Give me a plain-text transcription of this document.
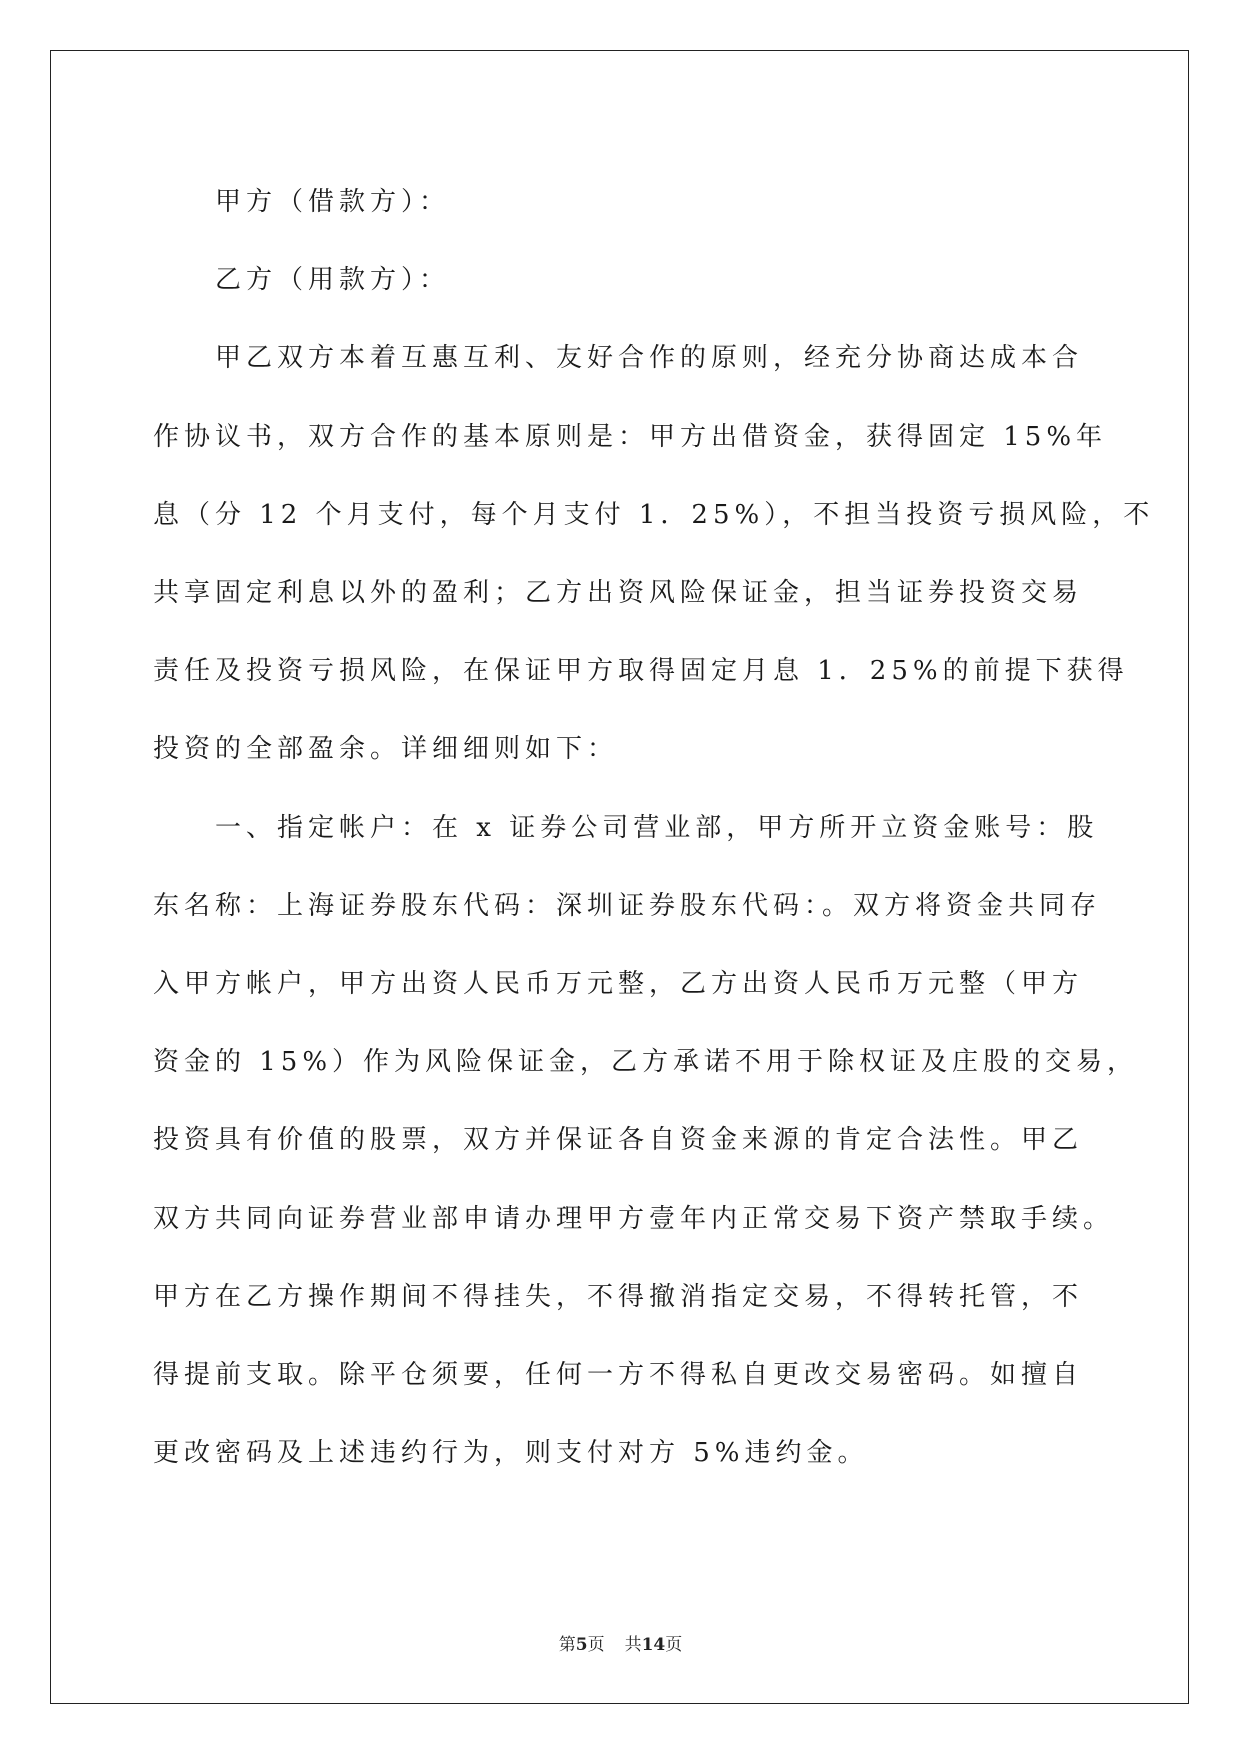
甲方（借款方）：

乙方（用款方）：

甲乙双方本着互惠互利、友好合作的原则，经充分协商达成本合
作协议书，双方合作的基本原则是：甲方出借资金，获得固定 15%年
息（分 12 个月支付，每个月支付 1．25%），不担当投资亏损风险，不
共享固定利息以外的盈利；乙方出资风险保证金，担当证券投资交易
责任及投资亏损风险，在保证甲方取得固定月息 1．25%的前提下获得
投资的全部盈余。详细细则如下：

一、指定帐户：在 x 证券公司营业部，甲方所开立资金账号：股
东名称：上海证券股东代码：深圳证券股东代码：。双方将资金共同存
入甲方帐户，甲方出资人民币万元整，乙方出资人民币万元整（甲方
资金的 15%）作为风险保证金，乙方承诺不用于除权证及庄股的交易，
投资具有价值的股票，双方并保证各自资金来源的肯定合法性。甲乙
双方共同向证券营业部申请办理甲方壹年内正常交易下资产禁取手续。
甲方在乙方操作期间不得挂失，不得撤消指定交易，不得转托管，不
得提前支取。除平仓须要，任何一方不得私自更改交易密码。如擅自
更改密码及上述违约行为，则支付对方 5%违约金。

第5页 共14页
